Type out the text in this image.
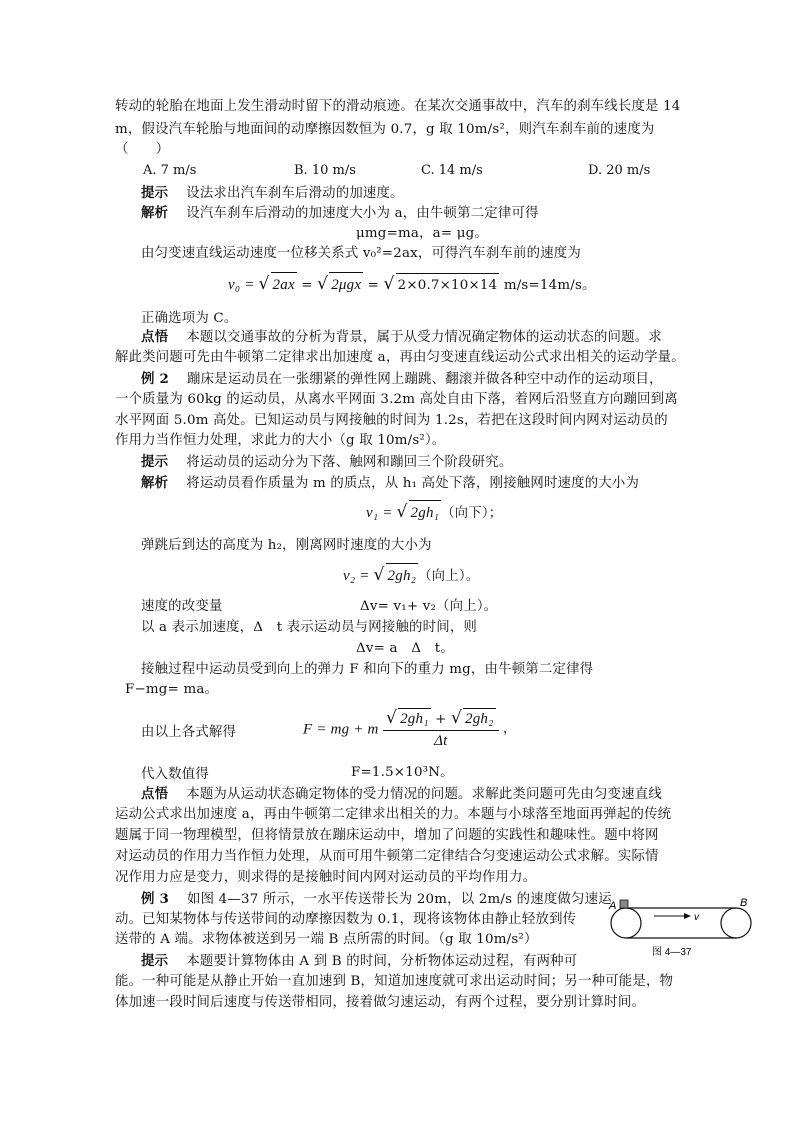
转动的轮胎在地面上发生滑动时留下的滑动痕迹。在某次交通事故中，汽车的刹车线长度是 14
m，假设汽车轮胎与地面间的动摩擦因数恒为 0.7，g 取 10m/s²，则汽车刹车前的速度为
（　　）
A. 7 m/s	B. 10 m/s	C. 14 m/s	D. 20 m/s
提示　 设法求出汽车刹车后滑动的加速度。
解析　 设汽车刹车后滑动的加速度大小为 a，由牛顿第二定律可得
μmg=ma，a= μg。
由匀变速直线运动速度一位移关系式 v₀²=2ax，可得汽车刹车前的速度为
v₀ = √ 2ax = √ 2μgx = √ 2×0.7×10×14 m/s=14m/s。
正确选项为 C。
点悟　 本题以交通事故的分析为背景，属于从受力情况确定物体的运动状态的问题。求
解此类问题可先由牛顿第二定律求出加速度 a，再由匀变速直线运动公式求出相关的运动学量。
例 2　 蹦床是运动员在一张绷紧的弹性网上蹦跳、翻滚并做各种空中动作的运动项目，
一个质量为 60kg 的运动员，从离水平网面 3.2m 高处自由下落，着网后沿竖直方向蹦回到离
水平网面 5.0m 高处。已知运动员与网接触的时间为 1.2s，若把在这段时间内网对运动员的
作用力当作恒力处理，求此力的大小（g 取 10m/s²）。
提示　 将运动员的运动分为下落、触网和蹦回三个阶段研究。
解析　 将运动员看作质量为 m 的质点，从 h₁ 高处下落，刚接触网时速度的大小为
v₁ = √ 2gh₁ （向下）；
弹跳后到达的高度为 h₂，刚离网时速度的大小为
v₂ = √ 2gh₂ （向上）。
速度的改变量	Δv= v₁+ v₂（向上）。
以 a 表示加速度，Δ　t 表示运动员与网接触的时间，则
Δv= a　Δ　t。
接触过程中运动员受到向上的弹力 F 和向下的重力 mg，由牛顿第二定律得
F−mg= ma。
由以上各式解得	F = mg + m $\frac{\text{√ 2gh₁ + √ 2gh₂}}{\Delta t}$ ，
代入数值得	F=1.5×10³N。
点悟　 本题为从运动状态确定物体的受力情况的问题。求解此类问题可先由匀变速直线
运动公式求出加速度 a，再由牛顿第二定律求出相关的力。本题与小球落至地面再弹起的传统
题属于同一物理模型，但将情景放在蹦床运动中，增加了问题的实践性和趣味性。题中将网
对运动员的作用力当作恒力处理，从而可用牛顿第二定律结合匀变速运动公式求解。实际情
况作用力应是变力，则求得的是接触时间内网对运动员的平均作用力。
例 3　 如图 4—37 所示，一水平传送带长为 20m，以 2m/s 的速度做匀速运
动。已知某物体与传送带间的动摩擦因数为 0.1，现将该物体由静止轻放到传
送带的 A 端。求物体被送到另一端 B 点所需的时间。（g 取 10m/s²）
提示　 本题要计算物体由 A 到 B 的时间，分析物体运动过程，有两种可
能。一种可能是从静止开始一直加速到 B，知道加速度就可求出运动时间；另一种可能是，物
体加速一段时间后速度与传送带相同，接着做匀速运动，有两个过程，要分别计算时间。
v
A	B
图 4—37
